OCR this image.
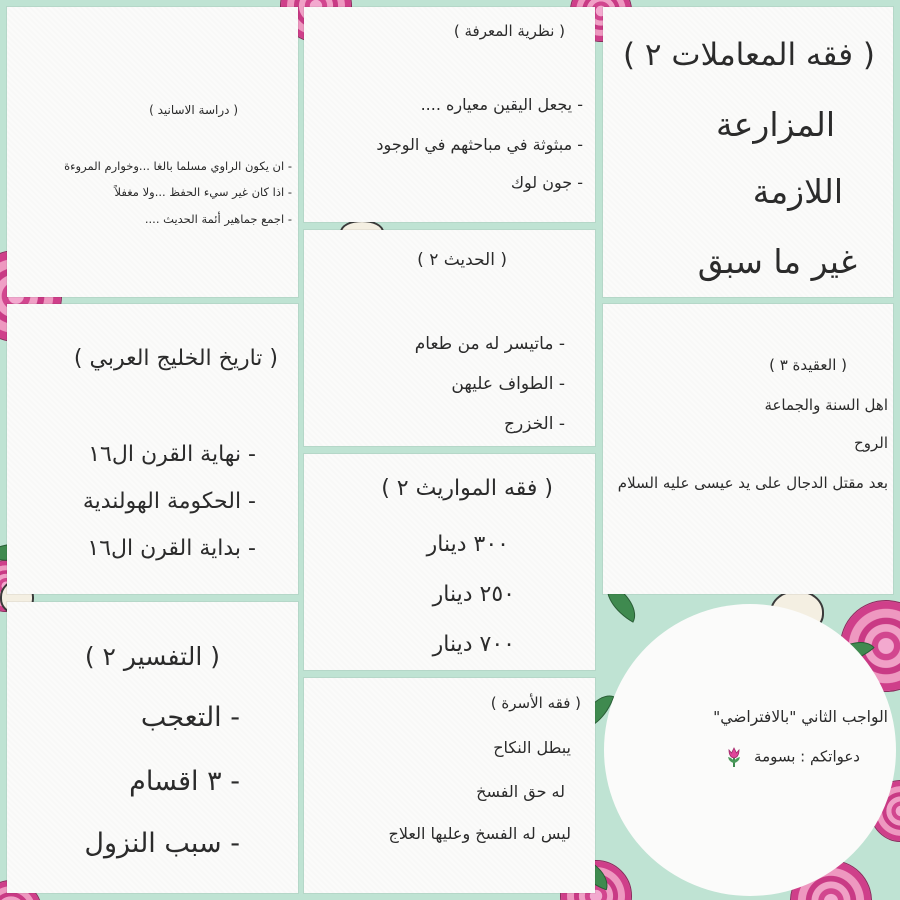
( دراسة الاسانيد )
- ان يكون الراوي مسلما بالغا ...وخوارم المروءة
- اذا كان غير سيء الحفظ ...ولا مغفلاً
- اجمع جماهير أئمة الحديث ....
( نظرية المعرفة )
- يجعل اليقين معياره ....
- مبثوثة في مباحثهم في الوجود
- جون لوك
( فقه المعاملات ٢ )
المزارعة
اللازمة
غير ما سبق
( الحديث ٢ )
- ماتيسر له من طعام
- الطواف عليهن
- الخزرج
( تاريخ الخليج العربي )
- نهاية القرن ال١٦
- الحكومة الهولندية
- بداية القرن ال١٦
( العقيدة ٣ )
اهل السنة والجماعة
الروح
بعد مقتل الدجال على يد عيسى عليه السلام
( فقه المواريث ٢ )
٣٠٠ دينار
٢٥٠ دينار
٧٠٠ دينار
( التفسير ٢ )
- التعجب
- ٣ اقسام
- سبب النزول
( فقه الأسرة )
يبطل النكاح
له حق الفسخ
ليس له الفسخ وعليها العلاج
الواجب الثاني "بالافتراضي"
دعواتكم : بسومة
